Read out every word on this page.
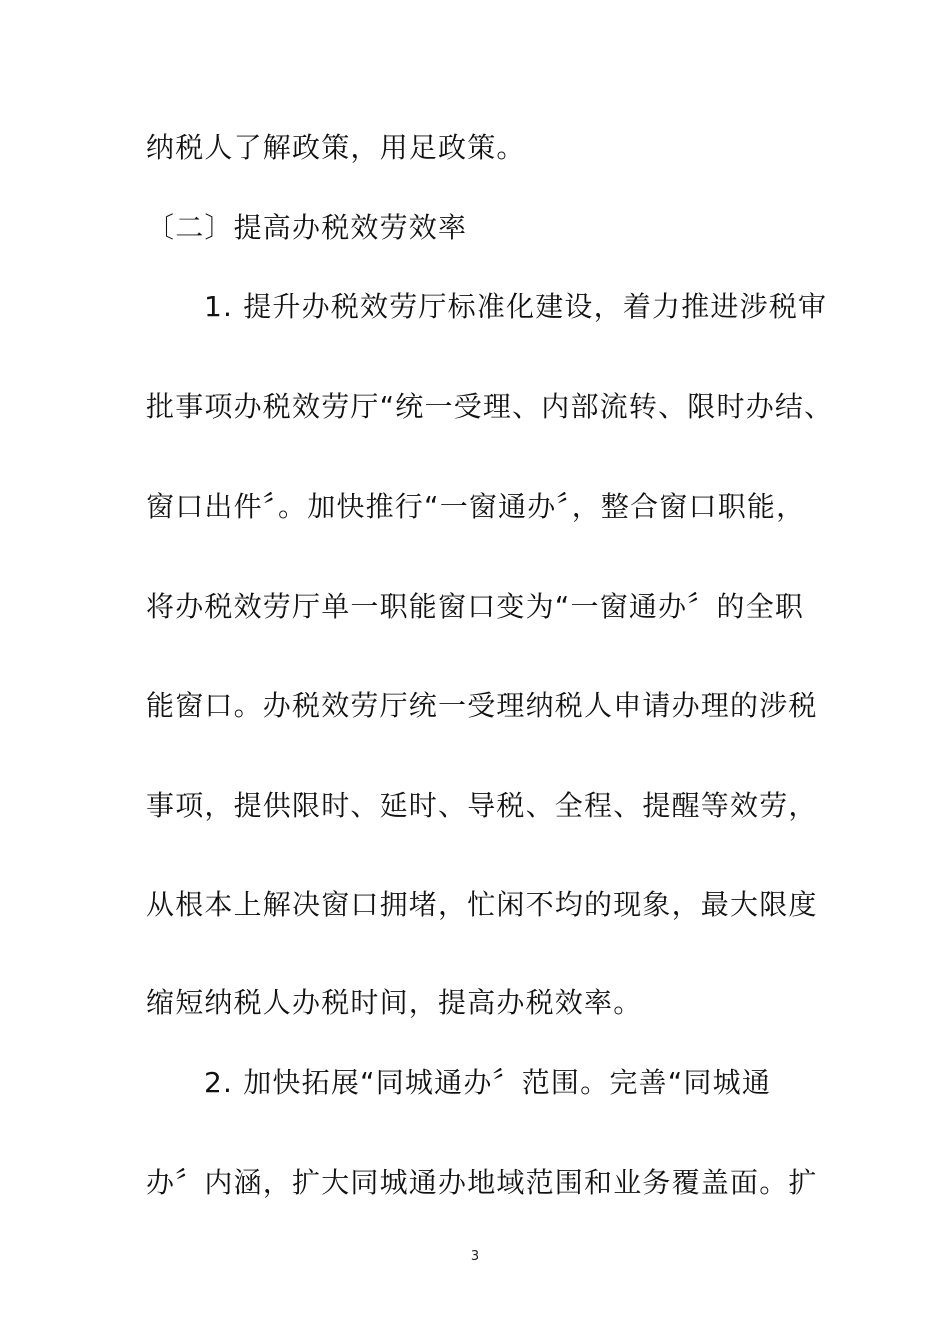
纳税人了解政策，用足政策。

〔二〕提高办税效劳效率

1. 提升办税效劳厅标准化建设，着力推进涉税审

批事项办税效劳厅“统一受理、内部流转、限时办结、

窗口出件〞。加快推行“一窗通办〞，整合窗口职能，

将办税效劳厅单一职能窗口变为“一窗通办〞的全职

能窗口。办税效劳厅统一受理纳税人申请办理的涉税

事项，提供限时、延时、导税、全程、提醒等效劳，

从根本上解决窗口拥堵，忙闲不均的现象，最大限度

缩短纳税人办税时间，提高办税效率。

2. 加快拓展“同城通办〞范围。完善“同城通

办〞内涵，扩大同城通办地域范围和业务覆盖面。扩

3
